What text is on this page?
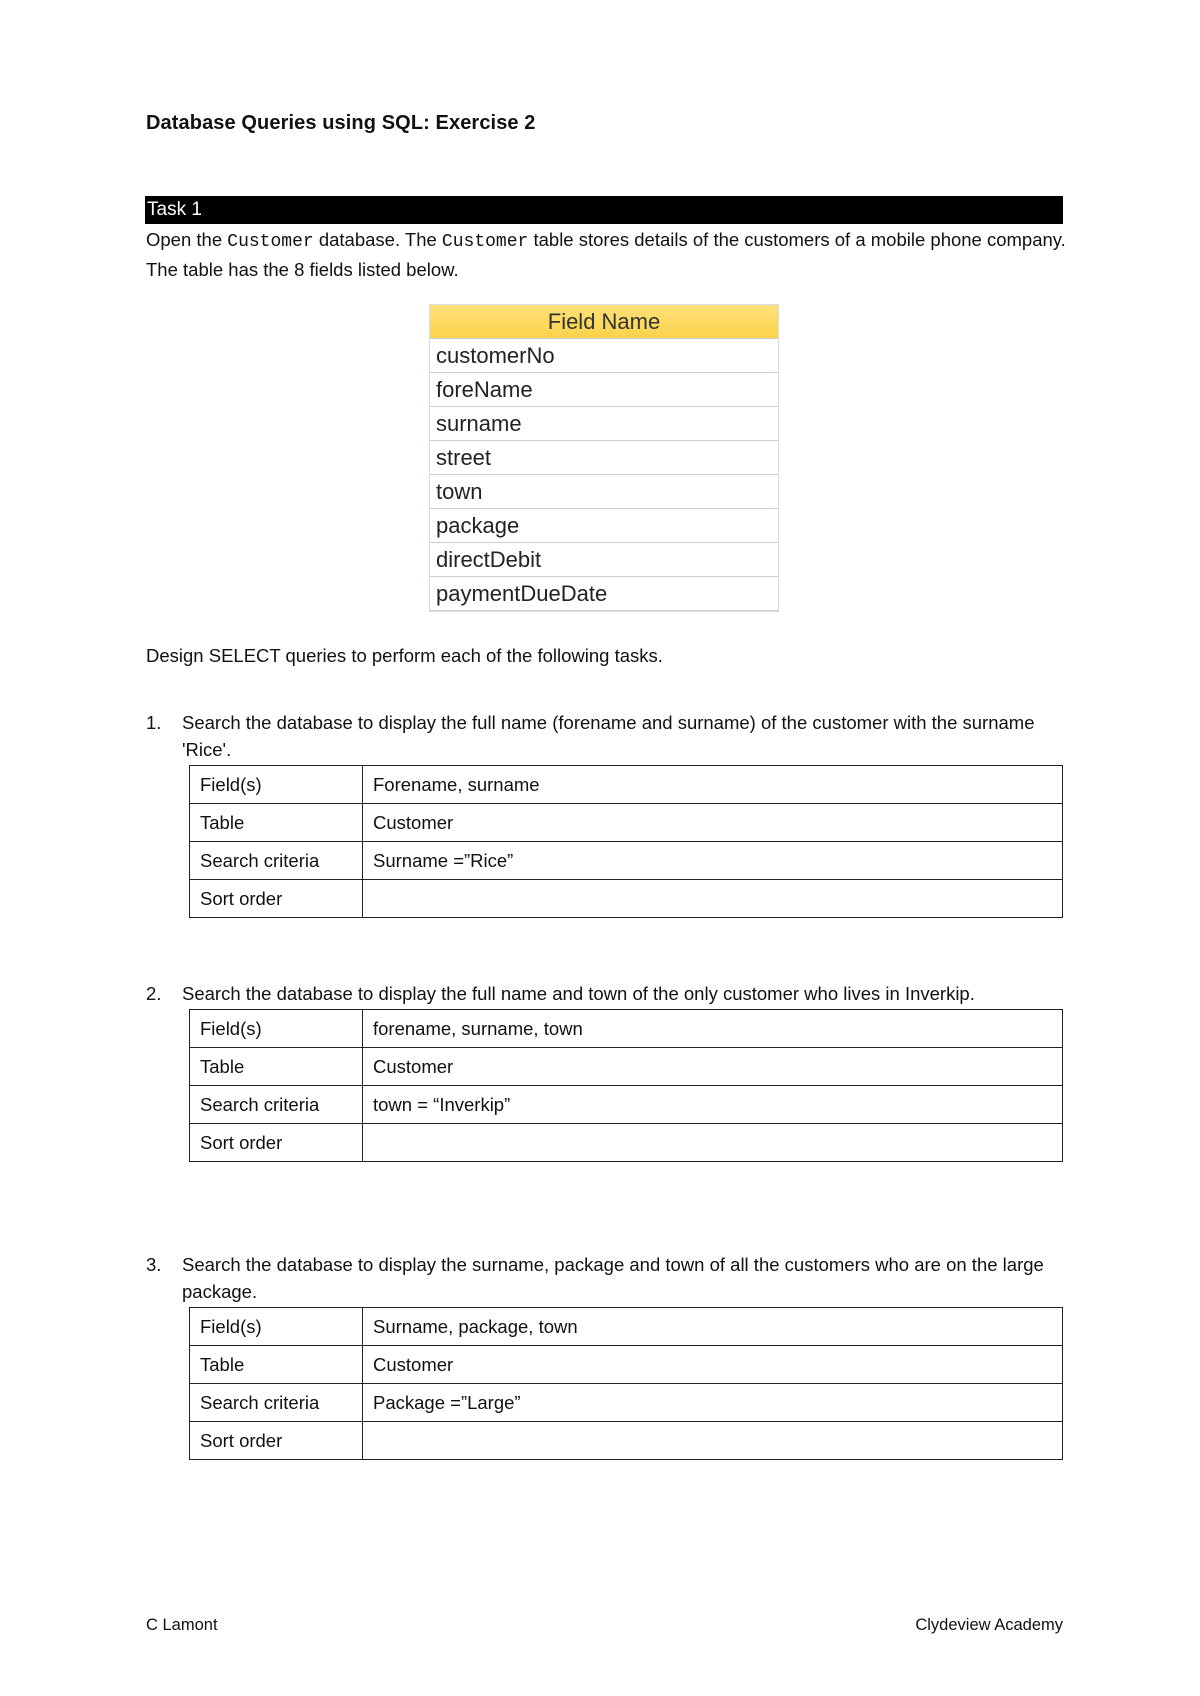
Database Queries using SQL: Exercise 2
Task 1
Open the Customer database. The Customer table stores details of the customers of a mobile phone company. The table has the 8 fields listed below.
Field Name
customerNo
foreName
surname
street
town
package
directDebit
paymentDueDate
Design SELECT queries to perform each of the following tasks.
1. Search the database to display the full name (forename and surname) of the customer with the surname 'Rice'.
Field(s)	Forename, surname
Table	Customer
Search criteria	Surname =”Rice”
Sort order	
2. Search the database to display the full name and town of the only customer who lives in Inverkip.
Field(s)	forename, surname, town
Table	Customer
Search criteria	town = “Inverkip”
Sort order	
3. Search the database to display the surname, package and town of all the customers who are on the large package.
Field(s)	Surname, package, town
Table	Customer
Search criteria	Package =”Large”
Sort order	
C Lamont	Clydeview Academy
